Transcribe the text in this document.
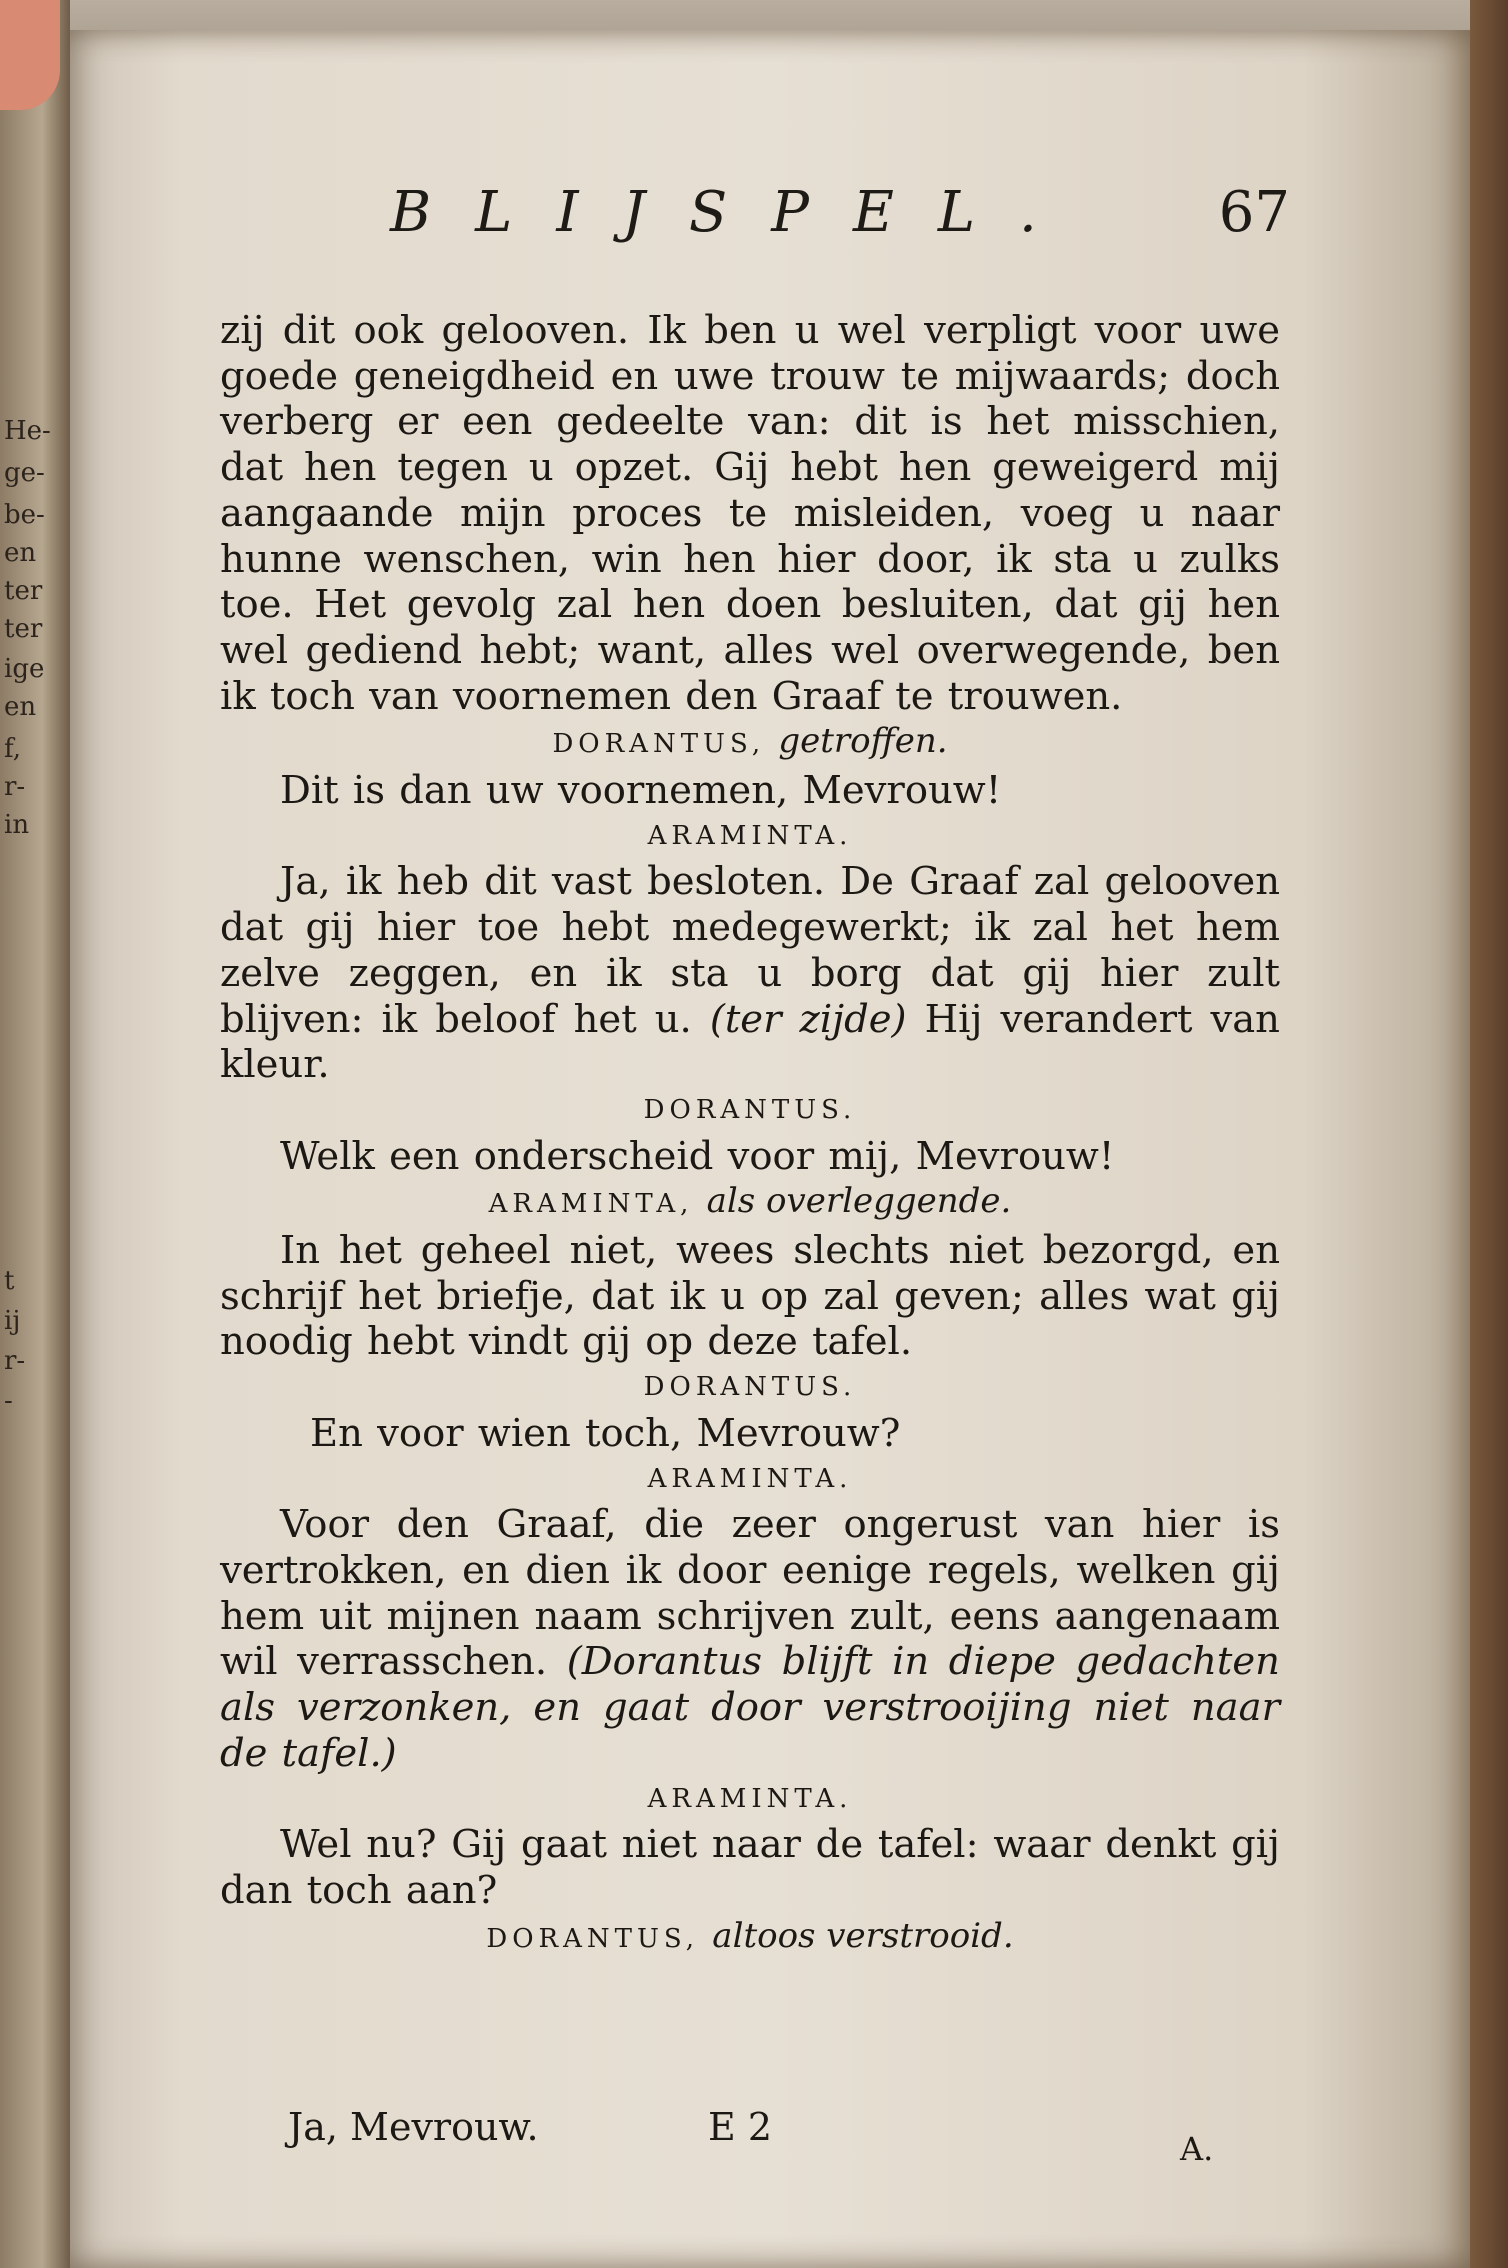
He-
ge-
be-
en
ter
ter
ige
en
f,
r-
in
t
ij
r-
-
BLIJSPEL. 67

zij dit ook gelooven. Ik ben u wel verpligt voor uwe goede geneigdheid en uwe trouw te mijwaards; doch verberg er een gedeelte van: dit is het misschien, dat hen tegen u opzet. Gij hebt hen geweigerd mij aangaande mijn proces te misleiden, voeg u naar hunne wenschen, win hen hier door, ik sta u zulks toe. Het gevolg zal hen doen besluiten, dat gij hen wel gediend hebt; want, alles wel overwegende, ben ik toch van voornemen den Graaf te trouwen.

DORANTUS, getroffen.

Dit is dan uw voornemen, Mevrouw!

ARAMINTA.

Ja, ik heb dit vast besloten. De Graaf zal gelooven dat gij hier toe hebt medegewerkt; ik zal het hem zelve zeggen, en ik sta u borg dat gij hier zult blijven: ik beloof het u. (ter zijde) Hij verandert van kleur.

DORANTUS.

Welk een onderscheid voor mij, Mevrouw!

ARAMINTA, als overleggende.

In het geheel niet, wees slechts niet bezorgd, en schrijf het briefje, dat ik u op zal geven; alles wat gij noodig hebt vindt gij op deze tafel.

DORANTUS.

En voor wien toch, Mevrouw?

ARAMINTA.

Voor den Graaf, die zeer ongerust van hier is vertrokken, en dien ik door eenige regels, welken gij hem uit mijnen naam schrijven zult, eens aangenaam wil verrasschen. (Dorantus blijft in diepe gedachten als verzonken, en gaat door verstrooijing niet naar de tafel.)

ARAMINTA.

Wel nu? Gij gaat niet naar de tafel: waar denkt gij dan toch aan?

DORANTUS, altoos verstrooid.

Ja, Mevrouw.	E 2	A.
